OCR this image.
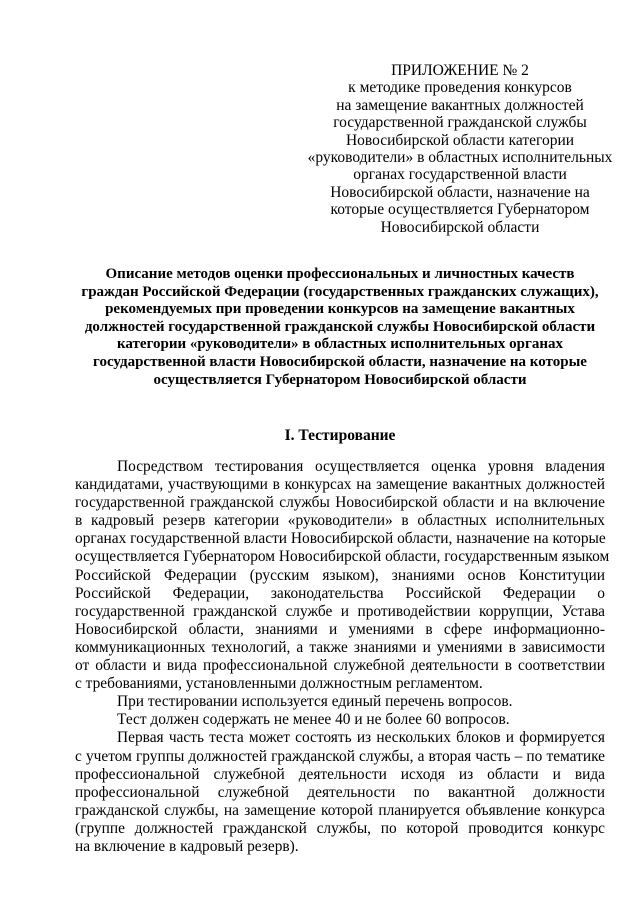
ПРИЛОЖЕНИЕ № 2
к методике проведения конкурсов
на замещение вакантных должностей
государственной гражданской службы
Новосибирской области категории
«руководители» в областных исполнительных
органах государственной власти
Новосибирской области, назначение на
которые осуществляется Губернатором
Новосибирской области
Описание методов оценки профессиональных и личностных качеств
граждан Российской Федерации (государственных гражданских служащих),
рекомендуемых при проведении конкурсов на замещение вакантных
должностей государственной гражданской службы Новосибирской области
категории «руководители» в областных исполнительных органах
государственной власти Новосибирской области, назначение на которые
осуществляется Губернатором Новосибирской области
I. Тестирование
Посредством тестирования осуществляется оценка уровня владения
кандидатами, участвующими в конкурсах на замещение вакантных должностей
государственной гражданской службы Новосибирской области и на включение
в кадровый резерв категории «руководители» в областных исполнительных
органах государственной власти Новосибирской области, назначение на которые
осуществляется Губернатором Новосибирской области, государственным языком
Российской Федерации (русским языком), знаниями основ Конституции
Российской Федерации, законодательства Российской Федерации о
государственной гражданской службе и противодействии коррупции, Устава
Новосибирской области, знаниями и умениями в сфере информационно-
коммуникационных технологий, а также знаниями и умениями в зависимости
от области и вида профессиональной служебной деятельности в соответствии
с требованиями, установленными должностным регламентом.
При тестировании используется единый перечень вопросов.
Тест должен содержать не менее 40 и не более 60 вопросов.
Первая часть теста может состоять из нескольких блоков и формируется
с учетом группы должностей гражданской службы, а вторая часть – по тематике
профессиональной служебной деятельности исходя из области и вида
профессиональной служебной деятельности по вакантной должности
гражданской службы, на замещение которой планируется объявление конкурса
(группе должностей гражданской службы, по которой проводится конкурс
на включение в кадровый резерв).
